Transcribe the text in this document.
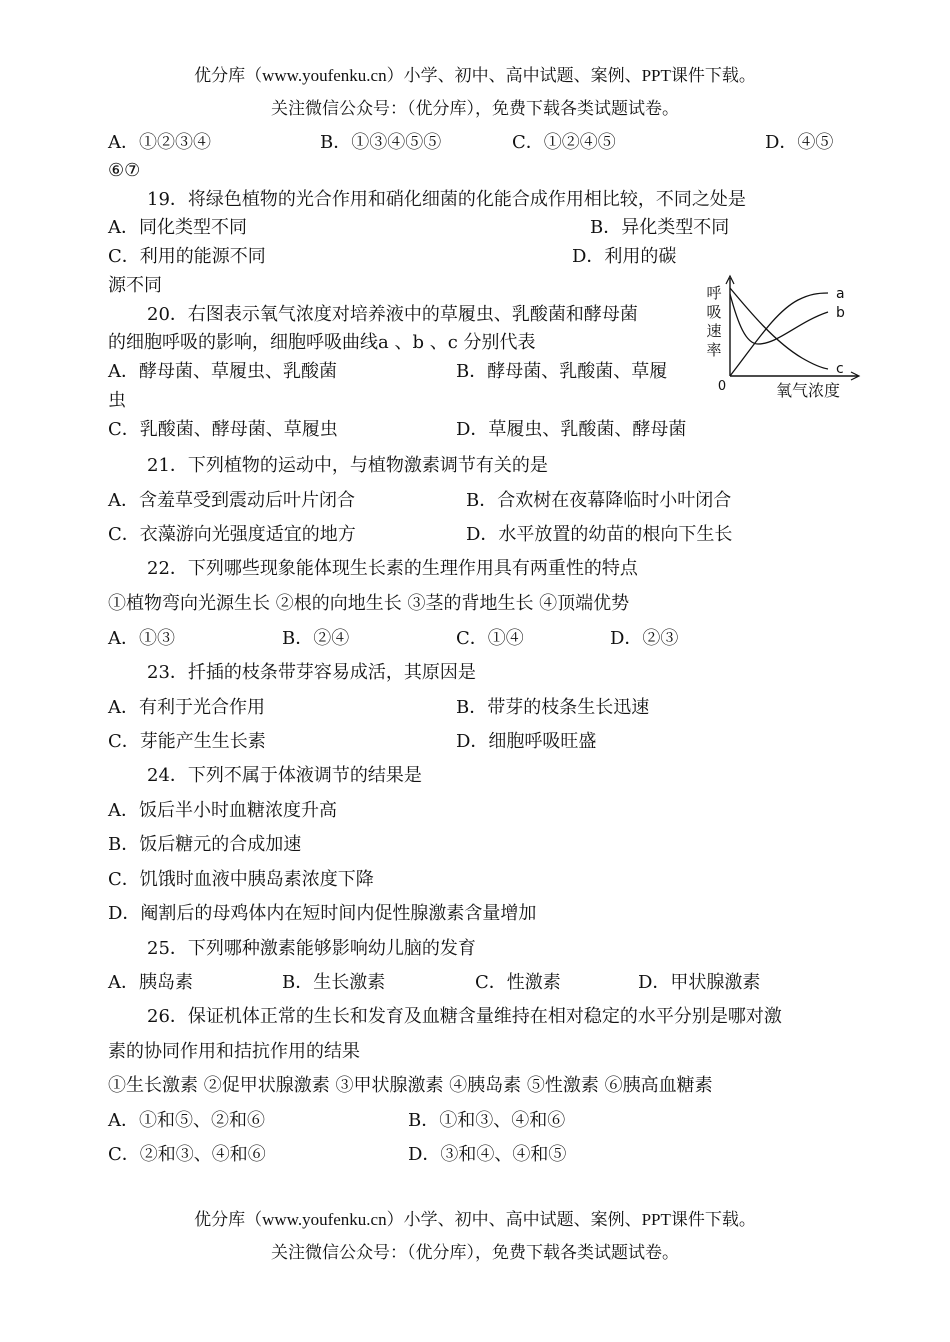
优分库（www.youfenku.cn）小学、初中、高中试题、案例、PPT课件下载。
关注微信公众号：（优分库），免费下载各类试题试卷。
A．①②③④	B．①③④⑤⑤	C．①②④⑤	D．④⑤
⑥⑦
19．将绿色植物的光合作用和硝化细菌的化能合成作用相比较，不同之处是
A．同化类型不同	B．异化类型不同
C．利用的能源不同	D．利用的碳
源不同
20．右图表示氧气浓度对培养液中的草履虫、乳酸菌和酵母菌
的细胞呼吸的影响，细胞呼吸曲线a 、b 、c 分别代表
A．酵母菌、草履虫、乳酸菌	B．酵母菌、乳酸菌、草履
虫
C．乳酸菌、酵母菌、草履虫	D．草履虫、乳酸菌、酵母菌
呼
吸
速
率
0	氧气浓度
a
b
c
21．下列植物的运动中，与植物激素调节有关的是
A．含羞草受到震动后叶片闭合	B．合欢树在夜幕降临时小叶闭合
C．衣藻游向光强度适宜的地方	D．水平放置的幼苗的根向下生长
22．下列哪些现象能体现生长素的生理作用具有两重性的特点
①植物弯向光源生长 ②根的向地生长 ③茎的背地生长 ④顶端优势
A．①③	B．②④	C．①④	D．②③
23．扦插的枝条带芽容易成活，其原因是
A．有利于光合作用	B．带芽的枝条生长迅速
C．芽能产生生长素	D．细胞呼吸旺盛
24．下列不属于体液调节的结果是
A．饭后半小时血糖浓度升高
B．饭后糖元的合成加速
C．饥饿时血液中胰岛素浓度下降
D．阉割后的母鸡体内在短时间内促性腺激素含量增加
25．下列哪种激素能够影响幼儿脑的发育
A．胰岛素	B．生长激素	C．性激素	D．甲状腺激素
26．保证机体正常的生长和发育及血糖含量维持在相对稳定的水平分别是哪对激
素的协同作用和拮抗作用的结果
①生长激素 ②促甲状腺激素 ③甲状腺激素 ④胰岛素 ⑤性激素 ⑥胰高血糖素
A．①和⑤、②和⑥	B．①和③、④和⑥
C．②和③、④和⑥	D．③和④、④和⑤
优分库（www.youfenku.cn）小学、初中、高中试题、案例、PPT课件下载。
关注微信公众号：（优分库），免费下载各类试题试卷。
